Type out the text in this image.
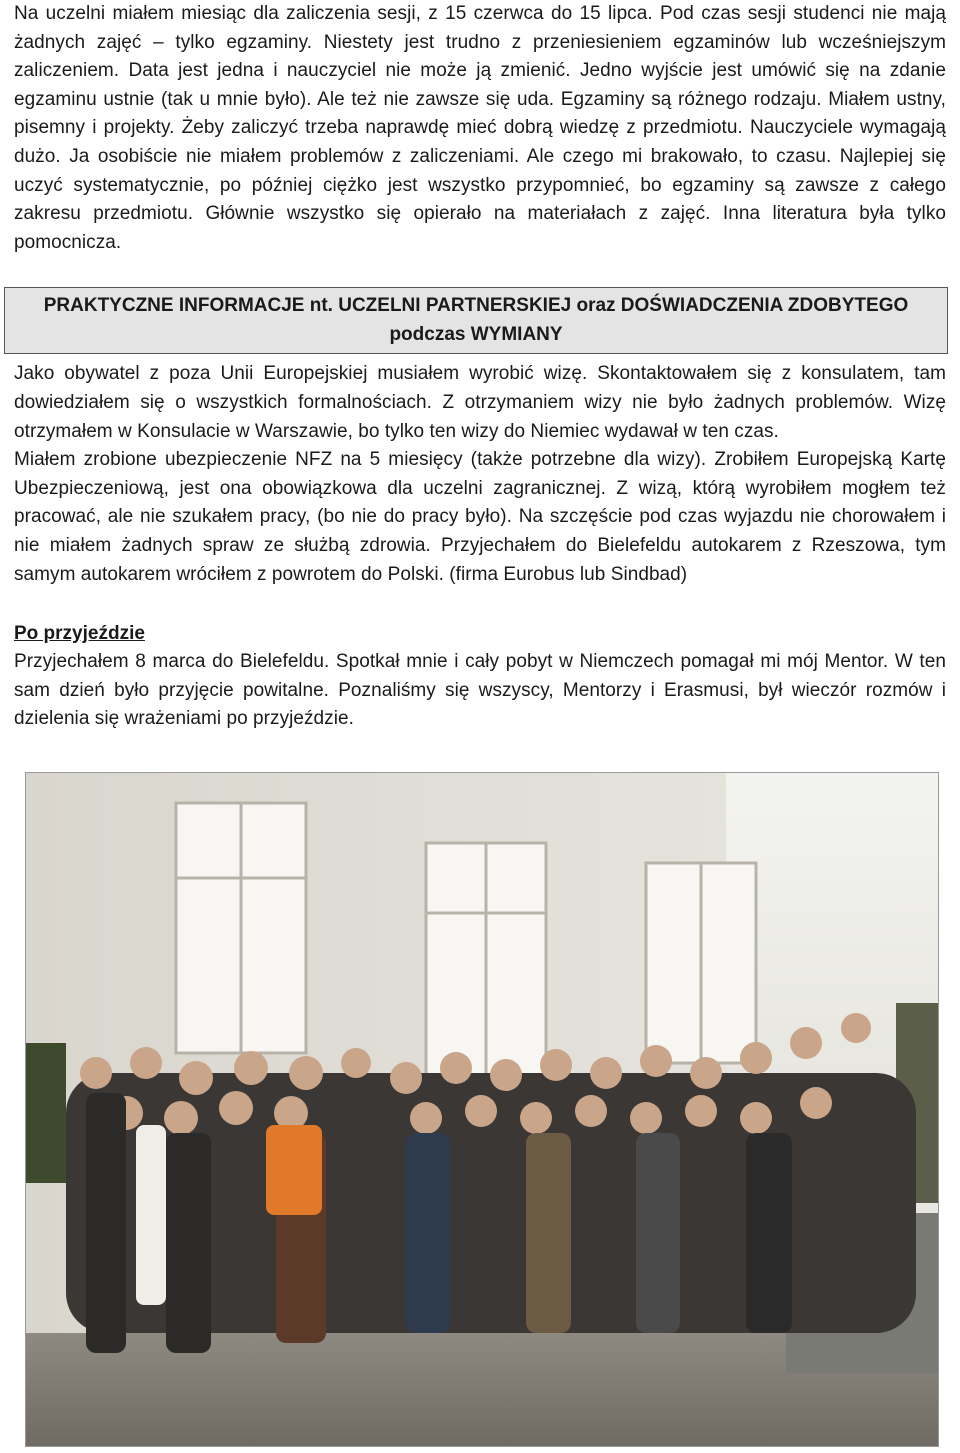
Na uczelni miałem miesiąc dla zaliczenia sesji, z 15 czerwca do 15 lipca. Pod czas sesji studenci nie mają żadnych zajęć – tylko egzaminy. Niestety jest trudno z przeniesieniem egzaminów lub wcześniejszym zaliczeniem. Data jest jedna i nauczyciel nie może ją zmienić. Jedno wyjście jest umówić się na zdanie egzaminu ustnie (tak u mnie było). Ale też nie zawsze się uda. Egzaminy są różnego rodzaju. Miałem ustny, pisemny i projekty. Żeby zaliczyć trzeba naprawdę mieć dobrą wiedzę z przedmiotu. Nauczyciele wymagają dużo. Ja osobiście nie miałem problemów z zaliczeniami. Ale czego mi brakowało, to czasu. Najlepiej się uczyć systematycznie, po później ciężko jest wszystko przypomnieć, bo egzaminy są zawsze z całego zakresu przedmiotu. Głównie wszystko się opierało na materiałach z zajęć. Inna literatura była tylko pomocnicza.

PRAKTYCZNE INFORMACJE nt. UCZELNI PARTNERSKIEJ oraz DOŚWIADCZENIA ZDOBYTEGO
podczas WYMIANY

Jako obywatel z poza Unii Europejskiej musiałem wyrobić wizę. Skontaktowałem się z konsulatem, tam dowiedziałem się o wszystkich formalnościach. Z otrzymaniem wizy nie było żadnych problemów. Wizę otrzymałem w Konsulacie w Warszawie, bo tylko ten wizy do Niemiec wydawał w ten czas.

Miałem zrobione ubezpieczenie NFZ na 5 miesięcy (także potrzebne dla wizy). Zrobiłem Europejską Kartę Ubezpieczeniową, jest ona obowiązkowa dla uczelni zagranicznej. Z wizą, którą wyrobiłem mogłem też pracować, ale nie szukałem pracy, (bo nie do pracy było). Na szczęście pod czas wyjazdu nie chorowałem i nie miałem żadnych spraw ze służbą zdrowia. Przyjechałem do Bielefeldu autokarem z Rzeszowa, tym samym autokarem wróciłem z powrotem do Polski. (firma Eurobus lub Sindbad)

Po przyjeździe

Przyjechałem 8 marca do Bielefeldu. Spotkał mnie i cały pobyt w Niemczech pomagał mi mój Mentor. W ten sam dzień było przyjęcie powitalne. Poznaliśmy się wszyscy, Mentorzy i Erasmusi, był wieczór rozmów i dzielenia się wrażeniami po przyjeździe.
